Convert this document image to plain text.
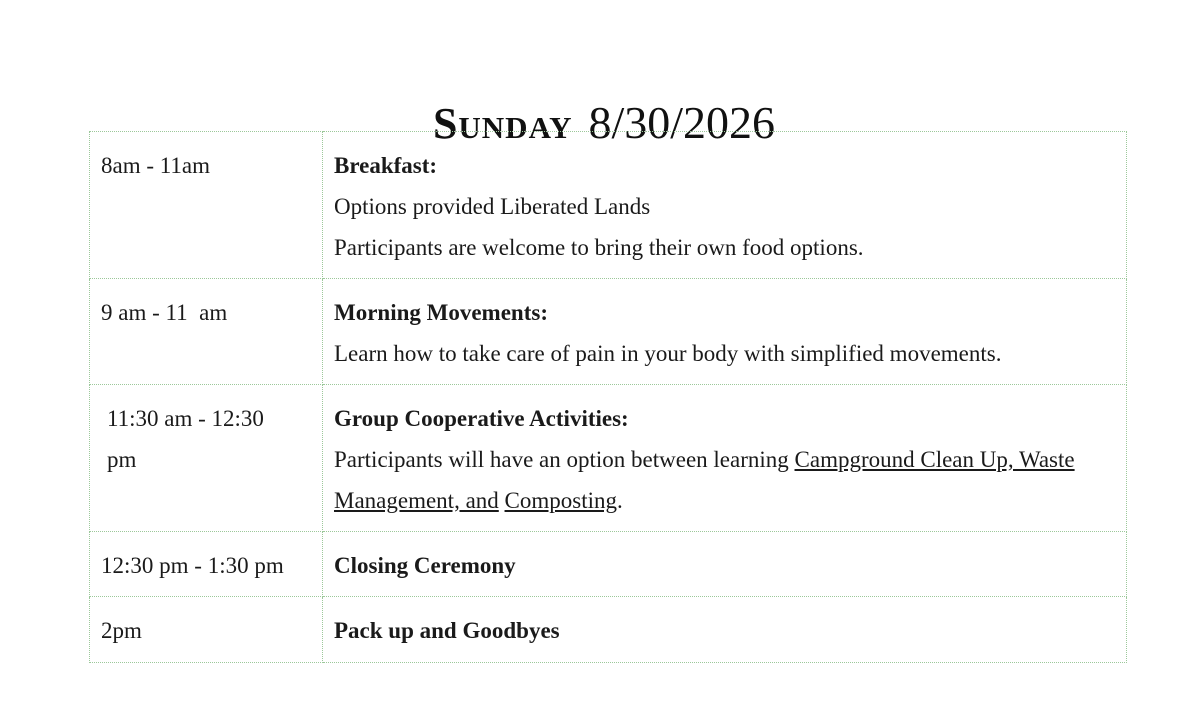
Sunday 8/30/2026
8am - 11am	Breakfast:
Options provided Liberated Lands
Participants are welcome to bring their own food options.

9 am - 11  am	Morning Movements:
Learn how to take care of pain in your body with simplified movements.

11:30 am - 12:30 pm	Group Cooperative Activities:
Participants will have an option between learning Campground Clean Up, Waste Management, and Composting.
12:30 pm - 1:30 pm	Closing Ceremony

2pm	Pack up and Goodbyes
